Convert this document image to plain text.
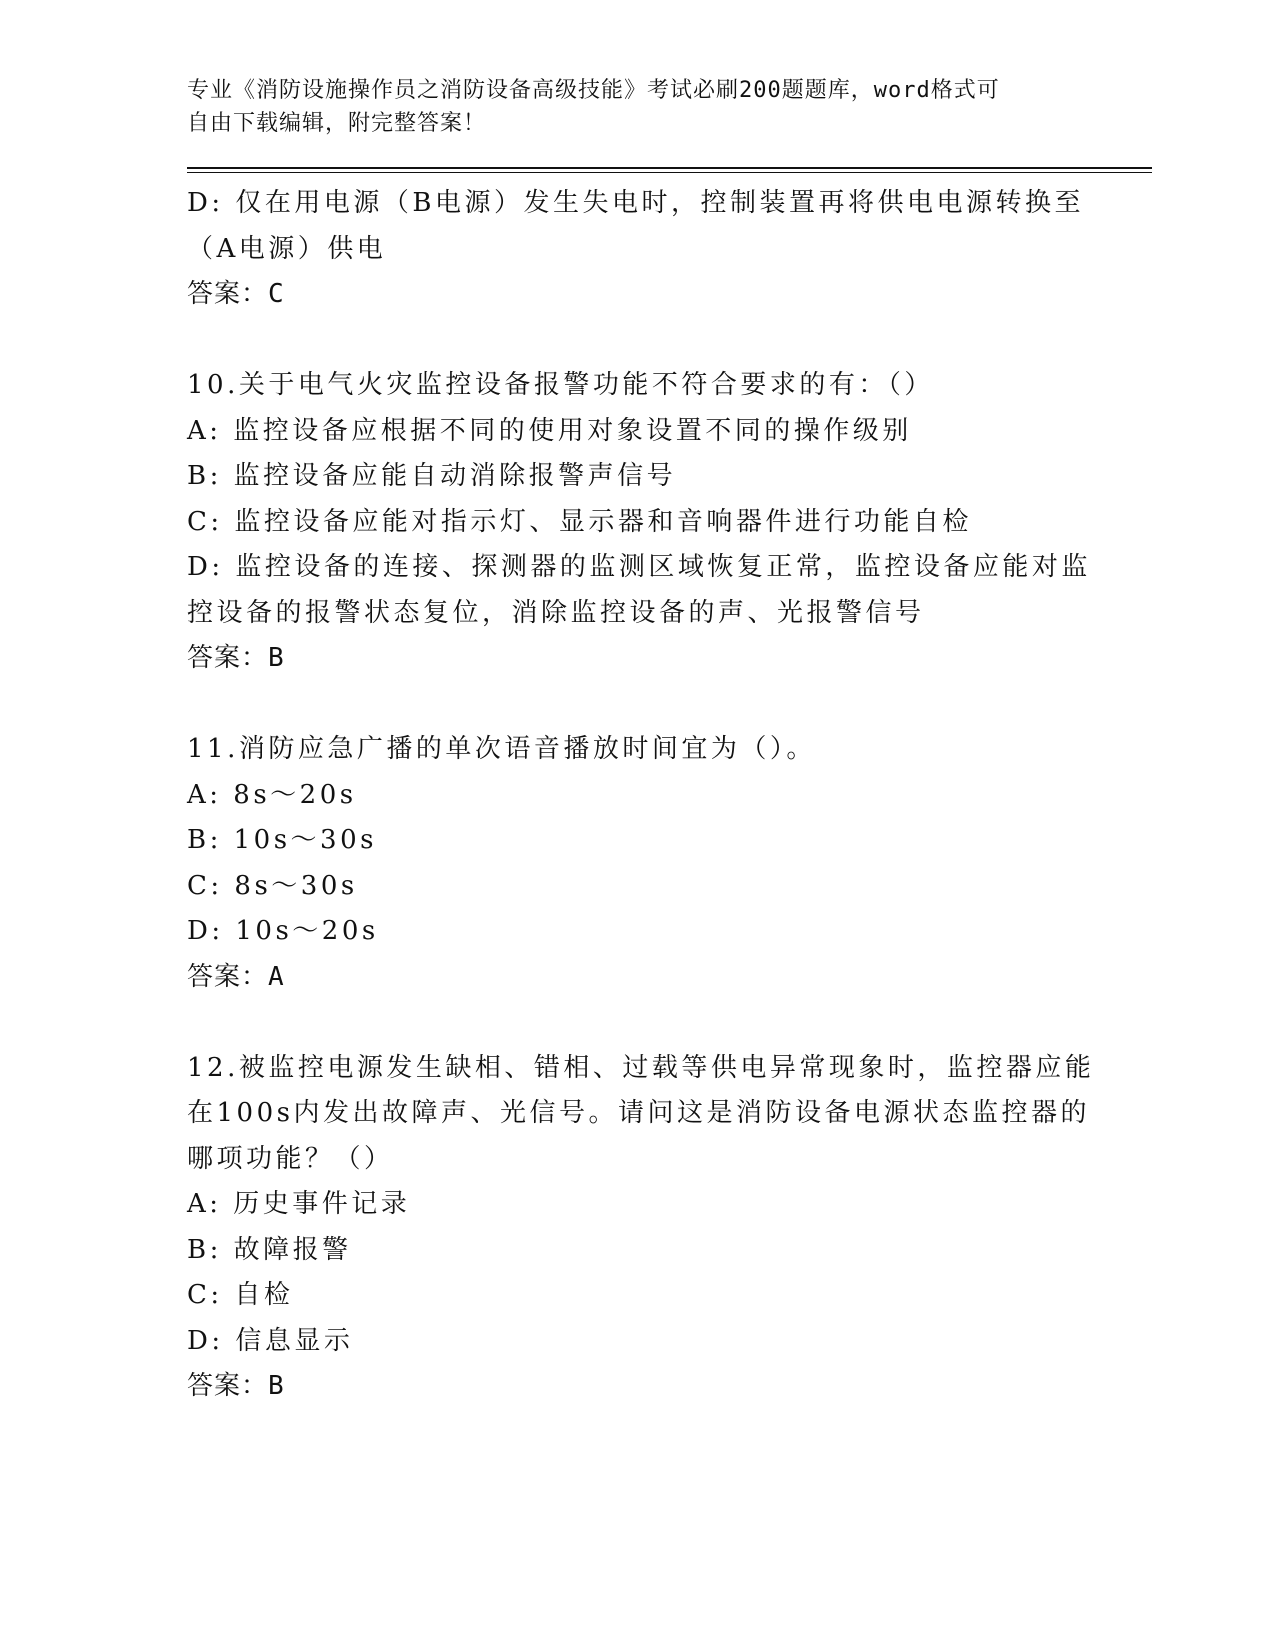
专业《消防设施操作员之消防设备高级技能》考试必刷200题题库，word格式可
自由下载编辑，附完整答案！
D: 仅在用电源（B电源）发生失电时，控制装置再将供电电源转换至
（A电源）供电
答案：C
10.关于电气火灾监控设备报警功能不符合要求的有：（）
A: 监控设备应根据不同的使用对象设置不同的操作级别
B: 监控设备应能自动消除报警声信号
C: 监控设备应能对指示灯、显示器和音响器件进行功能自检
D: 监控设备的连接、探测器的监测区域恢复正常，监控设备应能对监
控设备的报警状态复位，消除监控设备的声、光报警信号
答案：B
11.消防应急广播的单次语音播放时间宜为（）。
A: 8s～20s
B: 10s～30s
C: 8s～30s
D: 10s～20s
答案：A
12.被监控电源发生缺相、错相、过载等供电异常现象时，监控器应能
在100s内发出故障声、光信号。请问这是消防设备电源状态监控器的
哪项功能？（）
A: 历史事件记录
B: 故障报警
C: 自检
D: 信息显示
答案：B
